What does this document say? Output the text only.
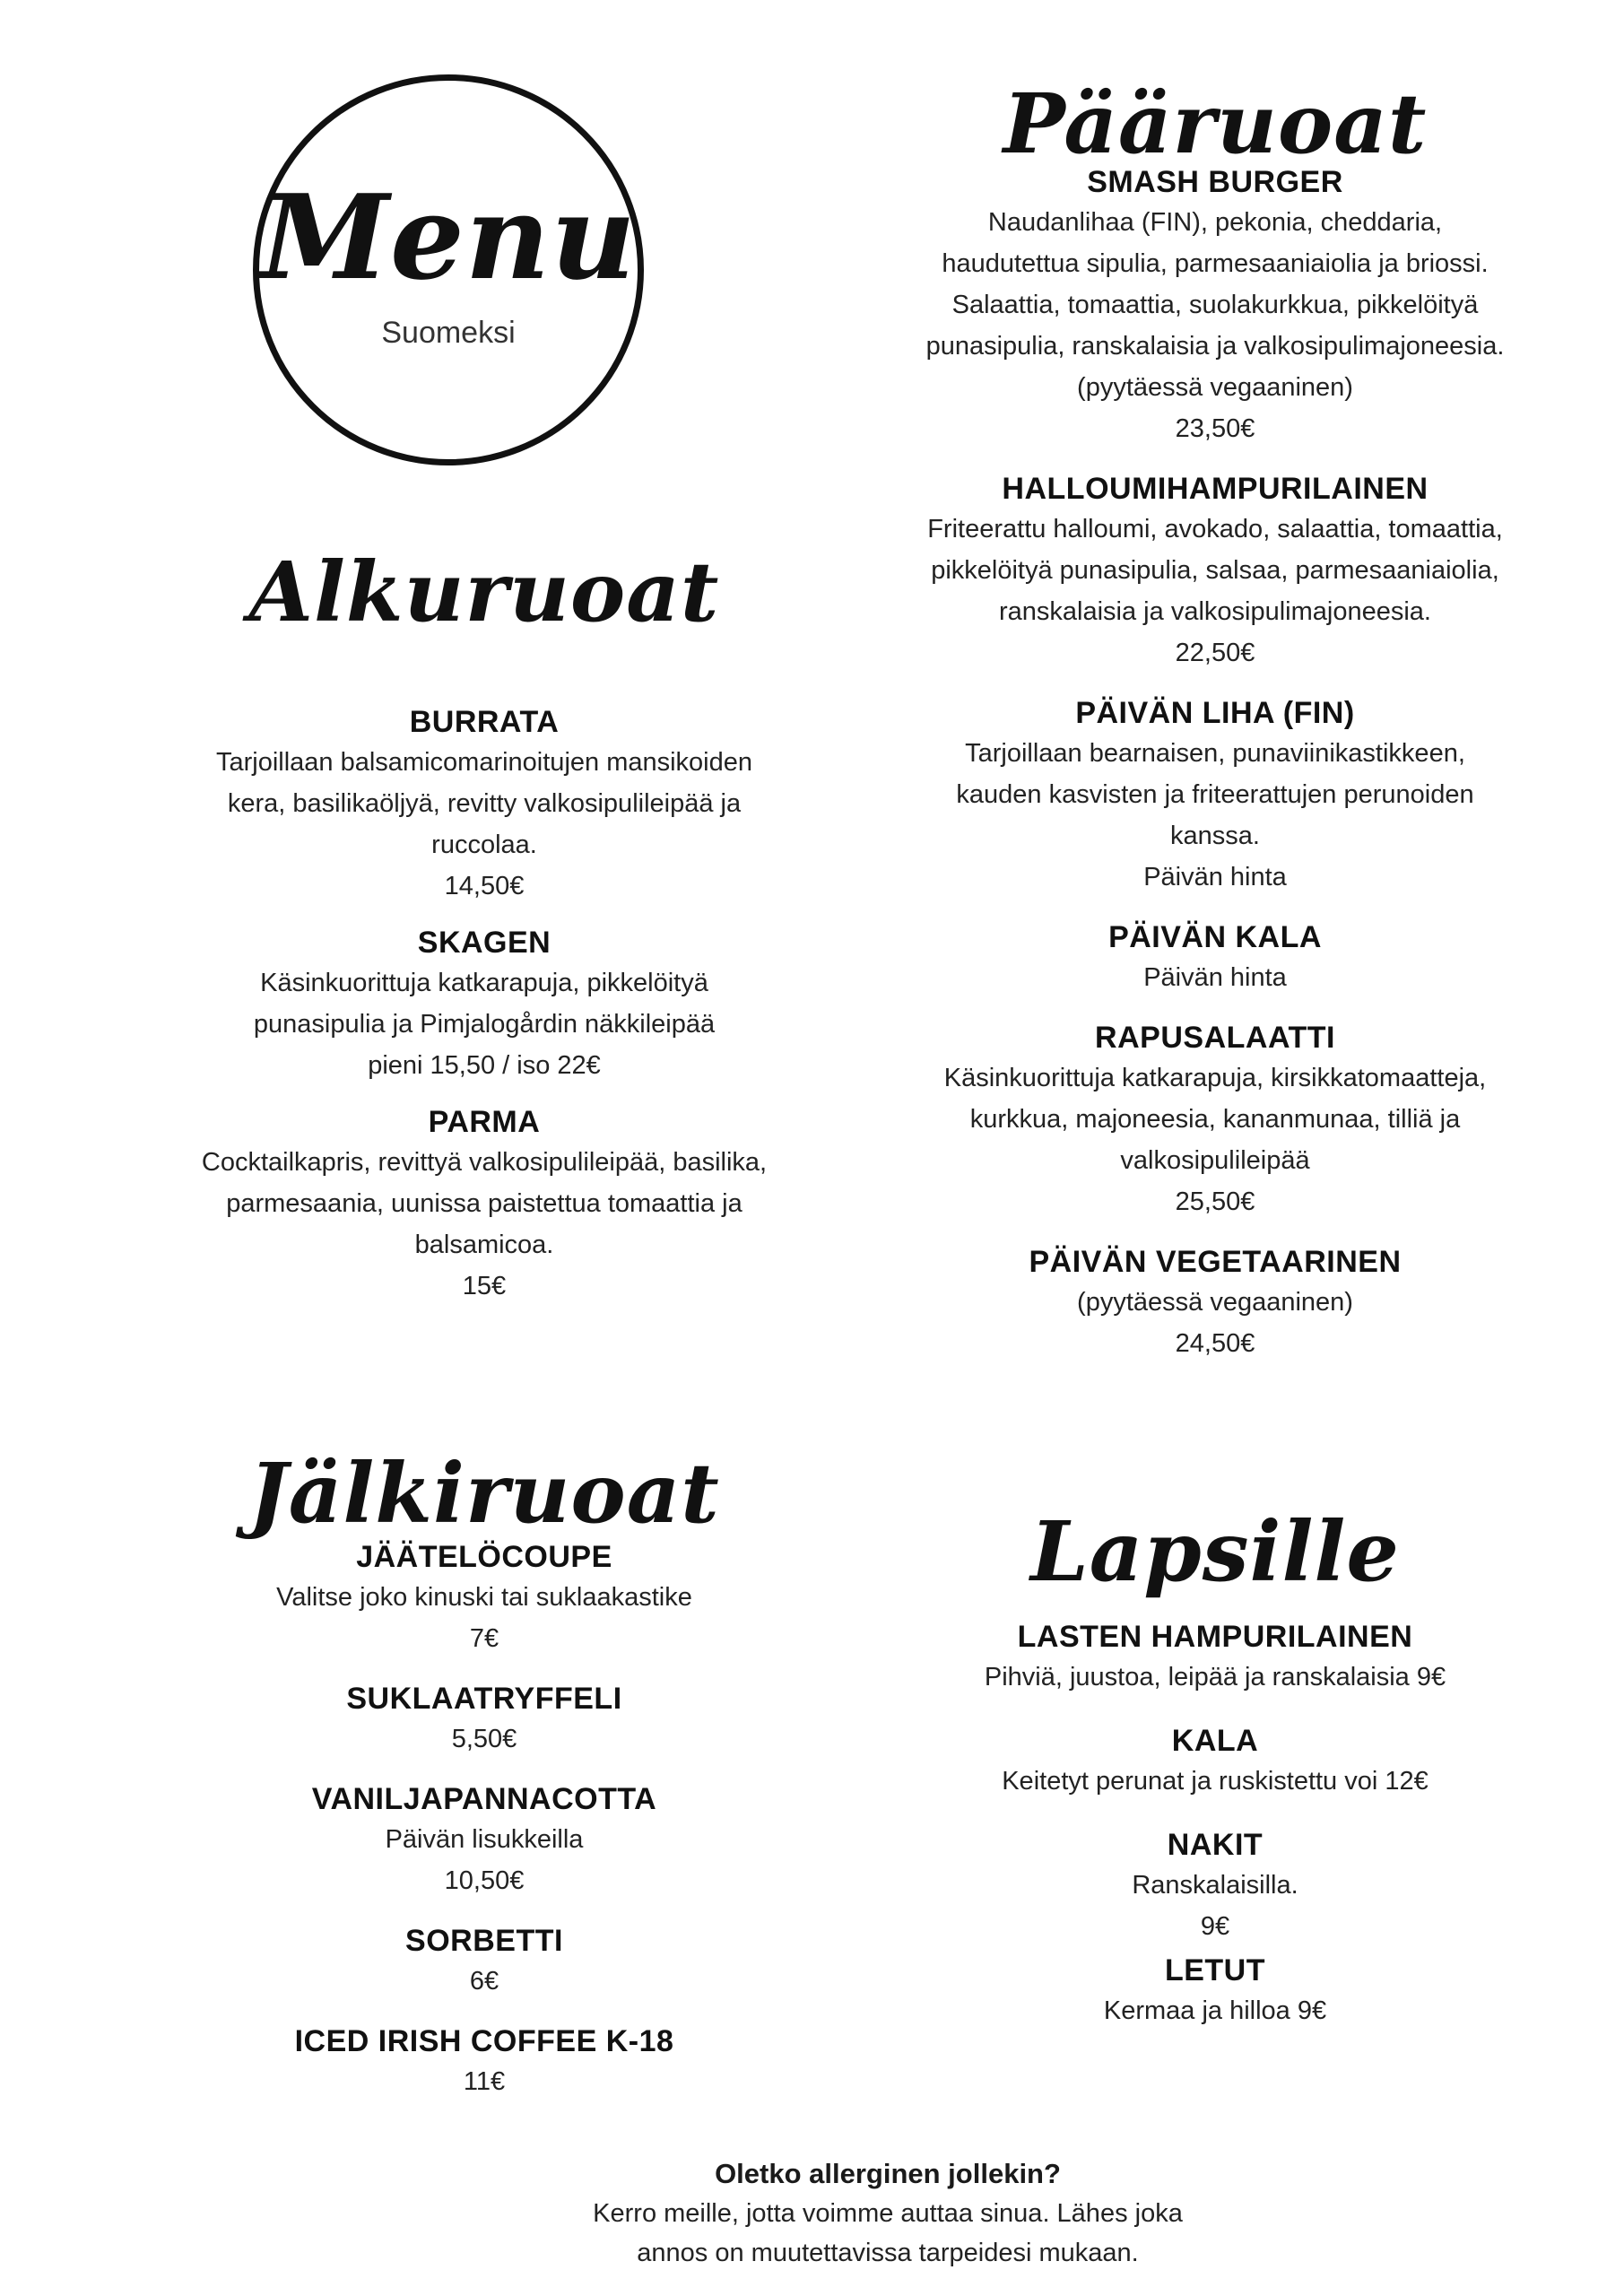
Menu
Suomeksi
Alkuruoat
BURRATA
Tarjoillaan balsamicomarinoitujen mansikoiden
kera, basilikaöljyä, revitty valkosipulileipää ja
ruccolaa.
14,50€
SKAGEN
Käsinkuorittuja katkarapuja, pikkelöityä
punasipulia ja Pimjalogårdin näkkileipää
pieni 15,50 / iso 22€
PARMA
Cocktailkapris, revittyä valkosipulileipää, basilika,
parmesaania, uunissa paistettua tomaattia ja
balsamicoa.
15€
Jälkiruoat
JÄÄTELÖCOUPE
Valitse joko kinuski tai suklaakastike
7€
SUKLAATRYFFELI
5,50€
VANILJAPANNACOTTA
Päivän lisukkeilla
10,50€
SORBETTI
6€
ICED IRISH COFFEE K-18
11€
Pääruoat
SMASH BURGER
Naudanlihaa (FIN), pekonia, cheddaria,
haudutettua sipulia, parmesaaniaiolia ja briossi.
Salaattia, tomaattia, suolakurkkua, pikkelöityä
punasipulia, ranskalaisia ja valkosipulimajoneesia.
(pyytäessä vegaaninen)
23,50€
HALLOUMIHAMPURILAINEN
Friteerattu halloumi, avokado, salaattia, tomaattia,
pikkelöityä punasipulia, salsaa, parmesaaniaiolia,
ranskalaisia ja valkosipulimajoneesia.
22,50€
PÄIVÄN LIHA (FIN)
Tarjoillaan bearnaisen, punaviinikastikkeen,
kauden kasvisten ja friteerattujen perunoiden
kanssa.
Päivän hinta
PÄIVÄN KALA
Päivän hinta
RAPUSALAATTI
Käsinkuorittuja katkarapuja, kirsikkatomaatteja,
kurkkua, majoneesia, kananmunaa, tilliä ja
valkosipulileipää
25,50€
PÄIVÄN VEGETAARINEN
(pyytäessä vegaaninen)
24,50€
Lapsille
LASTEN HAMPURILAINEN
Pihviä, juustoa, leipää ja ranskalaisia 9€
KALA
Keitetyt perunat ja ruskistettu voi 12€
NAKIT
Ranskalaisilla.
9€
LETUT
Kermaa ja hilloa 9€
Oletko allerginen jollekin?
Kerro meille, jotta voimme auttaa sinua. Lähes joka
annos on muutettavissa tarpeidesi mukaan.
